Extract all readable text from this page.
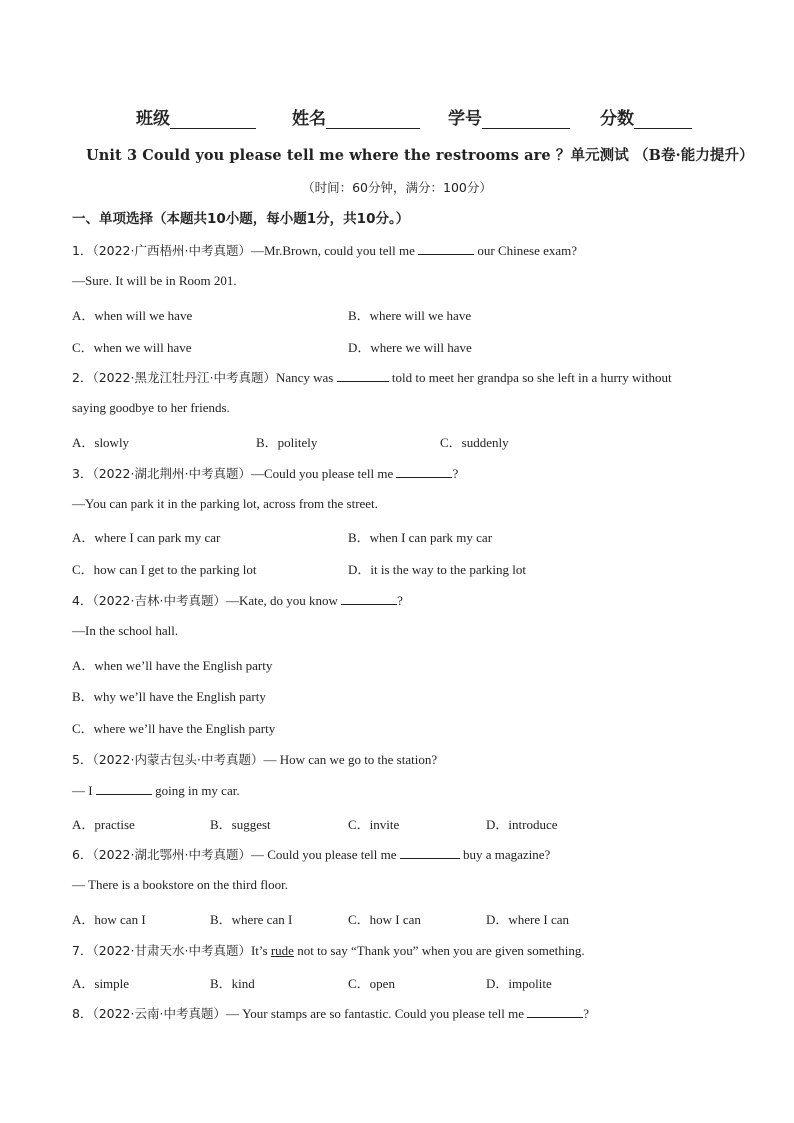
班级	姓名	学号	分数
Unit 3 Could you please tell me where the restrooms are ？单元测试 （B卷·能力提升）
（时间：60分钟，满分：100分）
一、单项选择（本题共10小题，每小题1分，共10分。）
1．（2022·广西梧州·中考真题）—Mr.Brown, could you tell me	our Chinese exam?
—Sure. It will be in Room 201.
A．when will we have	B．where will we have
C．when we will have	D．where we will have
2．（2022·黑龙江牡丹江·中考真题）Nancy was	told to meet her grandpa so she left in a hurry without
saying goodbye to her friends.
A．slowly	B．politely	C．suddenly
3．（2022·湖北荆州·中考真题）—Could you please tell me	?
—You can park it in the parking lot, across from the street.
A．where I can park my car	B．when I can park my car
C．how can I get to the parking lot	D．it is the way to the parking lot
4．（2022·吉林·中考真题）—Kate, do you know	?
—In the school hall.
A．when we’ll have the English party
B．why we’ll have the English party
C．where we’ll have the English party
5．（2022·内蒙古包头·中考真题）— How can we go to the station?
— I	going in my car.
A．practise	B．suggest	C．invite	D．introduce
6．（2022·湖北鄂州·中考真题）— Could you please tell me	buy a magazine?
— There is a bookstore on the third floor.
A．how can I	B．where can I	C．how I can	D．where I can
7．（2022·甘肃天水·中考真题）It’s rude not to say “Thank you” when you are given something.
A．simple	B．kind	C．open	D．impolite
8．（2022·云南·中考真题）— Your stamps are so fantastic. Could you please tell me	?
